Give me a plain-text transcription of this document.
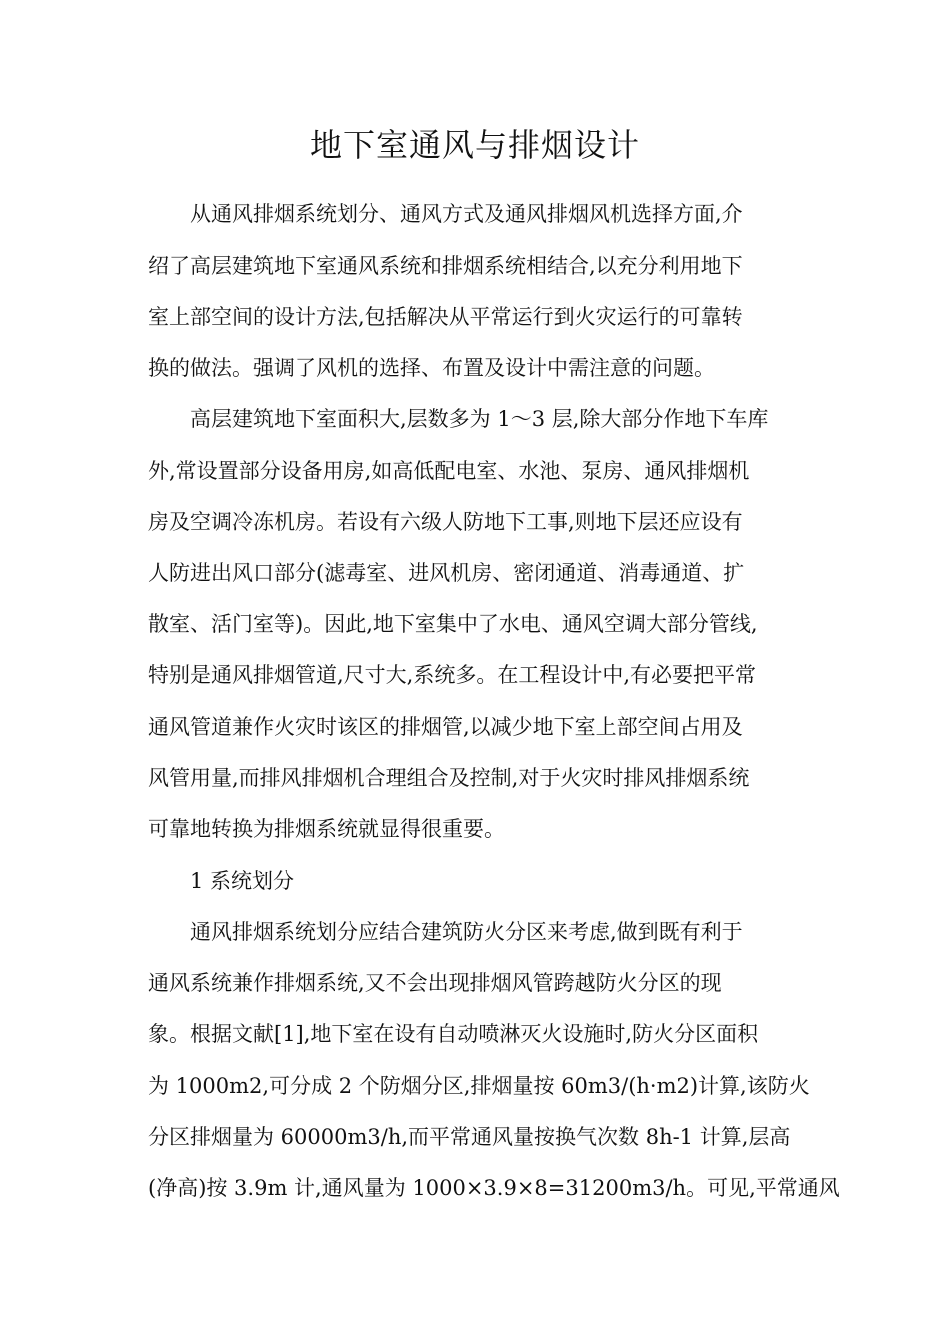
地下室通风与排烟设计

　　从通风排烟系统划分、通风方式及通风排烟风机选择方面,介

绍了高层建筑地下室通风系统和排烟系统相结合,以充分利用地下

室上部空间的设计方法,包括解决从平常运行到火灾运行的可靠转

换的做法。强调了风机的选择、布置及设计中需注意的问题。

　　高层建筑地下室面积大,层数多为 1～3 层,除大部分作地下车库

外,常设置部分设备用房,如高低配电室、水池、泵房、通风排烟机

房及空调冷冻机房。若设有六级人防地下工事,则地下层还应设有

人防进出风口部分(滤毒室、进风机房、密闭通道、消毒通道、扩

散室、活门室等)。因此,地下室集中了水电、通风空调大部分管线,

特别是通风排烟管道,尺寸大,系统多。在工程设计中,有必要把平常

通风管道兼作火灾时该区的排烟管,以减少地下室上部空间占用及

风管用量,而排风排烟机合理组合及控制,对于火灾时排风排烟系统

可靠地转换为排烟系统就显得很重要。

　　1 系统划分

　　通风排烟系统划分应结合建筑防火分区来考虑,做到既有利于

通风系统兼作排烟系统,又不会出现排烟风管跨越防火分区的现

象。根据文献[1],地下室在设有自动喷淋灭火设施时,防火分区面积

为 1000m2,可分成 2 个防烟分区,排烟量按 60m3/(h·m2)计算,该防火

分区排烟量为 60000m3/h,而平常通风量按换气次数 8h-1 计算,层高

(净高)按 3.9m 计,通风量为 1000×3.9×8=31200m3/h。可见,平常通风
